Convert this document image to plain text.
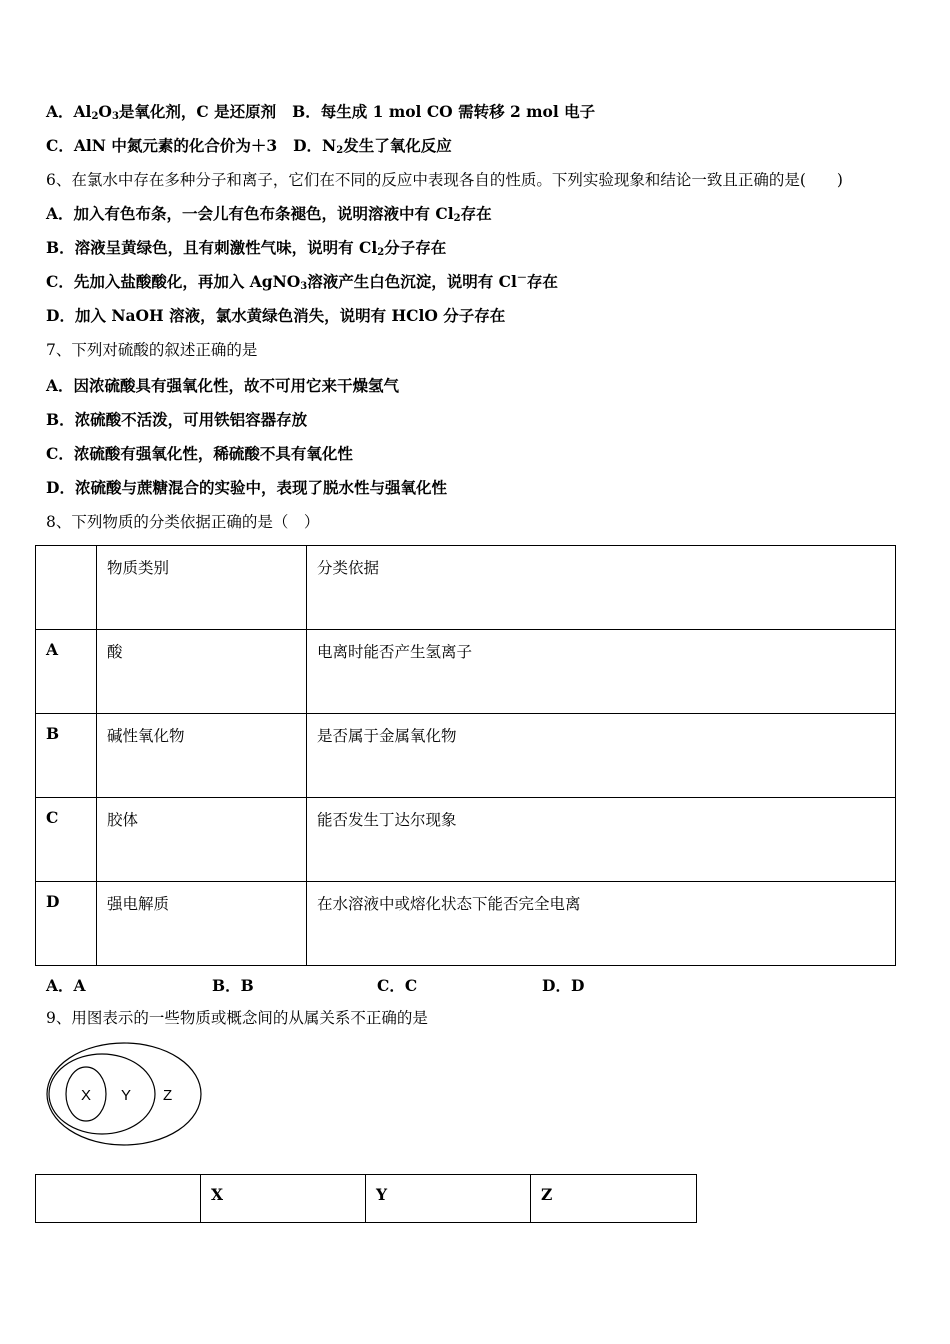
A．$Al_2O_3$是氧化剂，C 是还原剂 B．每生成 1 mol CO 需转移 2 mol 电子
C．AlN 中氮元素的化合价为＋3 D．$N_2$发生了氧化反应
6、在氯水中存在多种分子和离子，它们在不同的反应中表现各自的性质。下列实验现象和结论一致且正确的是(　　)
A．加入有色布条，一会儿有色布条褪色，说明溶液中有 $Cl_2$存在
B．溶液呈黄绿色，且有刺激性气味，说明有 $Cl_2$分子存在
C．先加入盐酸酸化，再加入 AgNO$_3$溶液产生白色沉淀，说明有 Cl－存在
D．加入 NaOH 溶液，氯水黄绿色消失，说明有 HClO 分子存在
7、下列对硫酸的叙述正确的是
A．因浓硫酸具有强氧化性，故不可用它来干燥氢气
B．浓硫酸不活泼，可用铁铝容器存放
C．浓硫酸有强氧化性，稀硫酸不具有氧化性
D．浓硫酸与蔗糖混合的实验中，表现了脱水性与强氧化性
8、下列物质的分类依据正确的是（　）
	物质类别	分类依据
A	酸	电离时能否产生氢离子
B	碱性氧化物	是否属于金属氧化物
C	胶体	能否发生丁达尔现象
D	强电解质	在水溶液中或熔化状态下能否完全电离
A．A	B．B	C．C	D．D
9、用图表示的一些物质或概念间的从属关系不正确的是
X Y Z
	X	Y	Z
